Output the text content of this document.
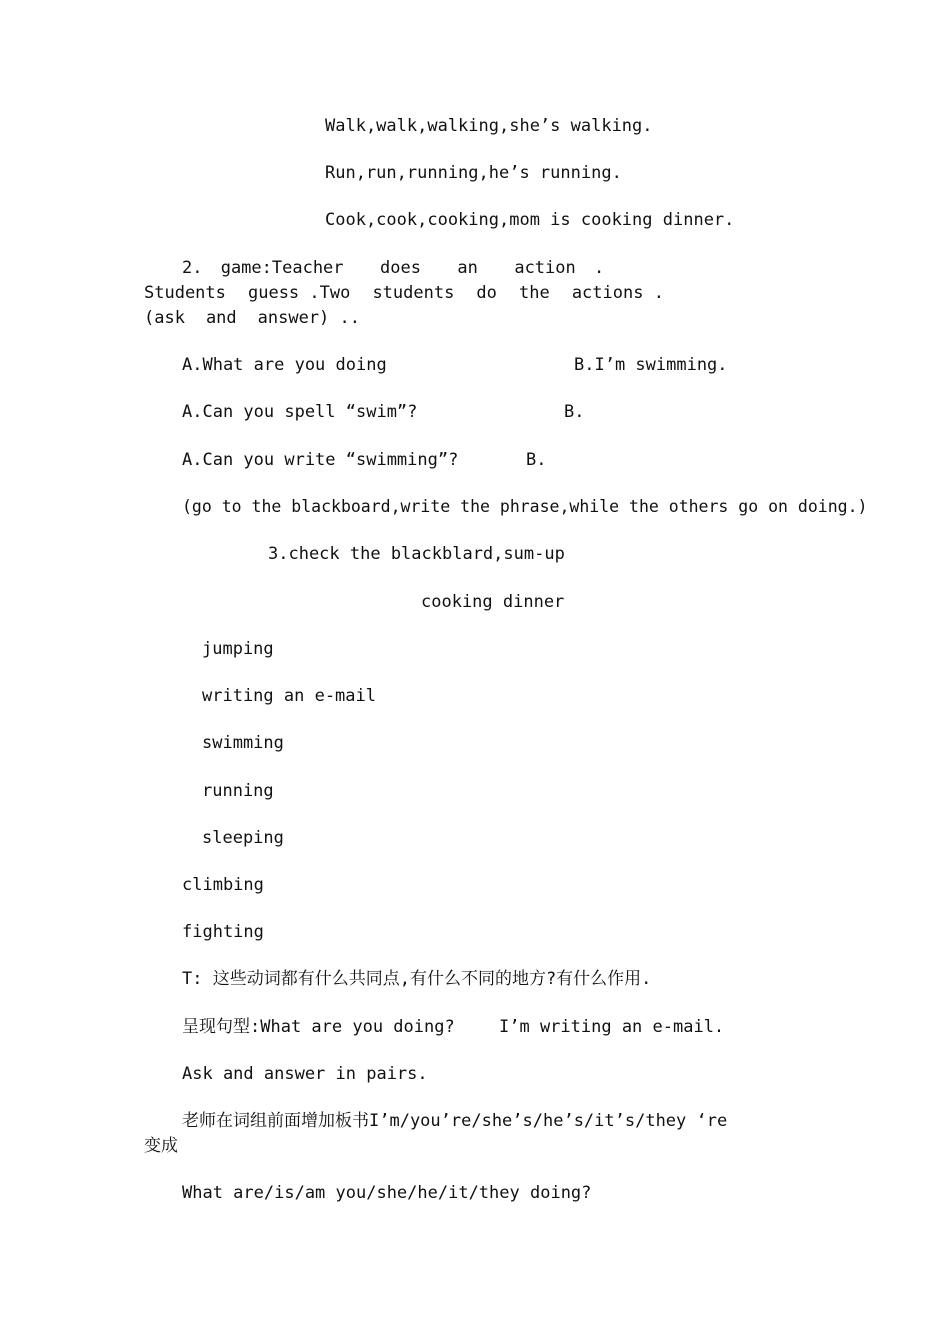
Walk,walk,walking,she’s walking.
Run,run,running,he’s running.
Cook,cook,cooking,mom is cooking dinner.
2. game:Teacher  does  an  action .
Students guess .Two students do the actions .
(ask and answer) ..
A.What are you doing	B.I’m swimming.
A.Can you spell “swim”?	B.
A.Can you write “swimming”?	B.
(go to the blackboard,write the phrase,while the others go on doing.)
3.check the blackblard,sum-up
cooking dinner
jumping
writing an e-mail
swimming
running
sleeping
climbing
fighting
T: 这些动词都有什么共同点,有什么不同的地方?有什么作用.
呈现句型:What are you doing?	I’m writing an e-mail.
Ask and answer in pairs.
老师在词组前面增加板书I’m/you’re/she’s/he’s/it’s/they ‘re
变成
What are/is/am you/she/he/it/they doing?
